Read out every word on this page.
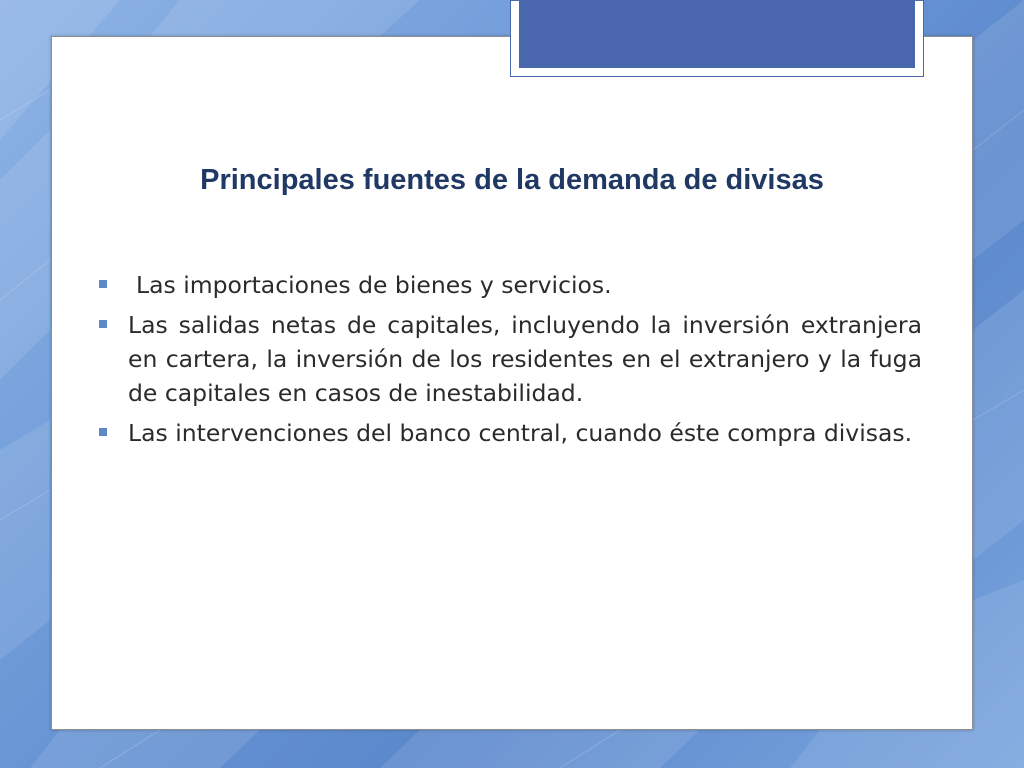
Principales fuentes de la demanda de divisas
Las importaciones de bienes y servicios.
Las salidas netas de capitales, incluyendo la inversión extranjera en cartera, la inversión de los residentes en el extranjero y la fuga de capitales en casos de inestabilidad.
Las intervenciones del banco central, cuando éste compra divisas.
